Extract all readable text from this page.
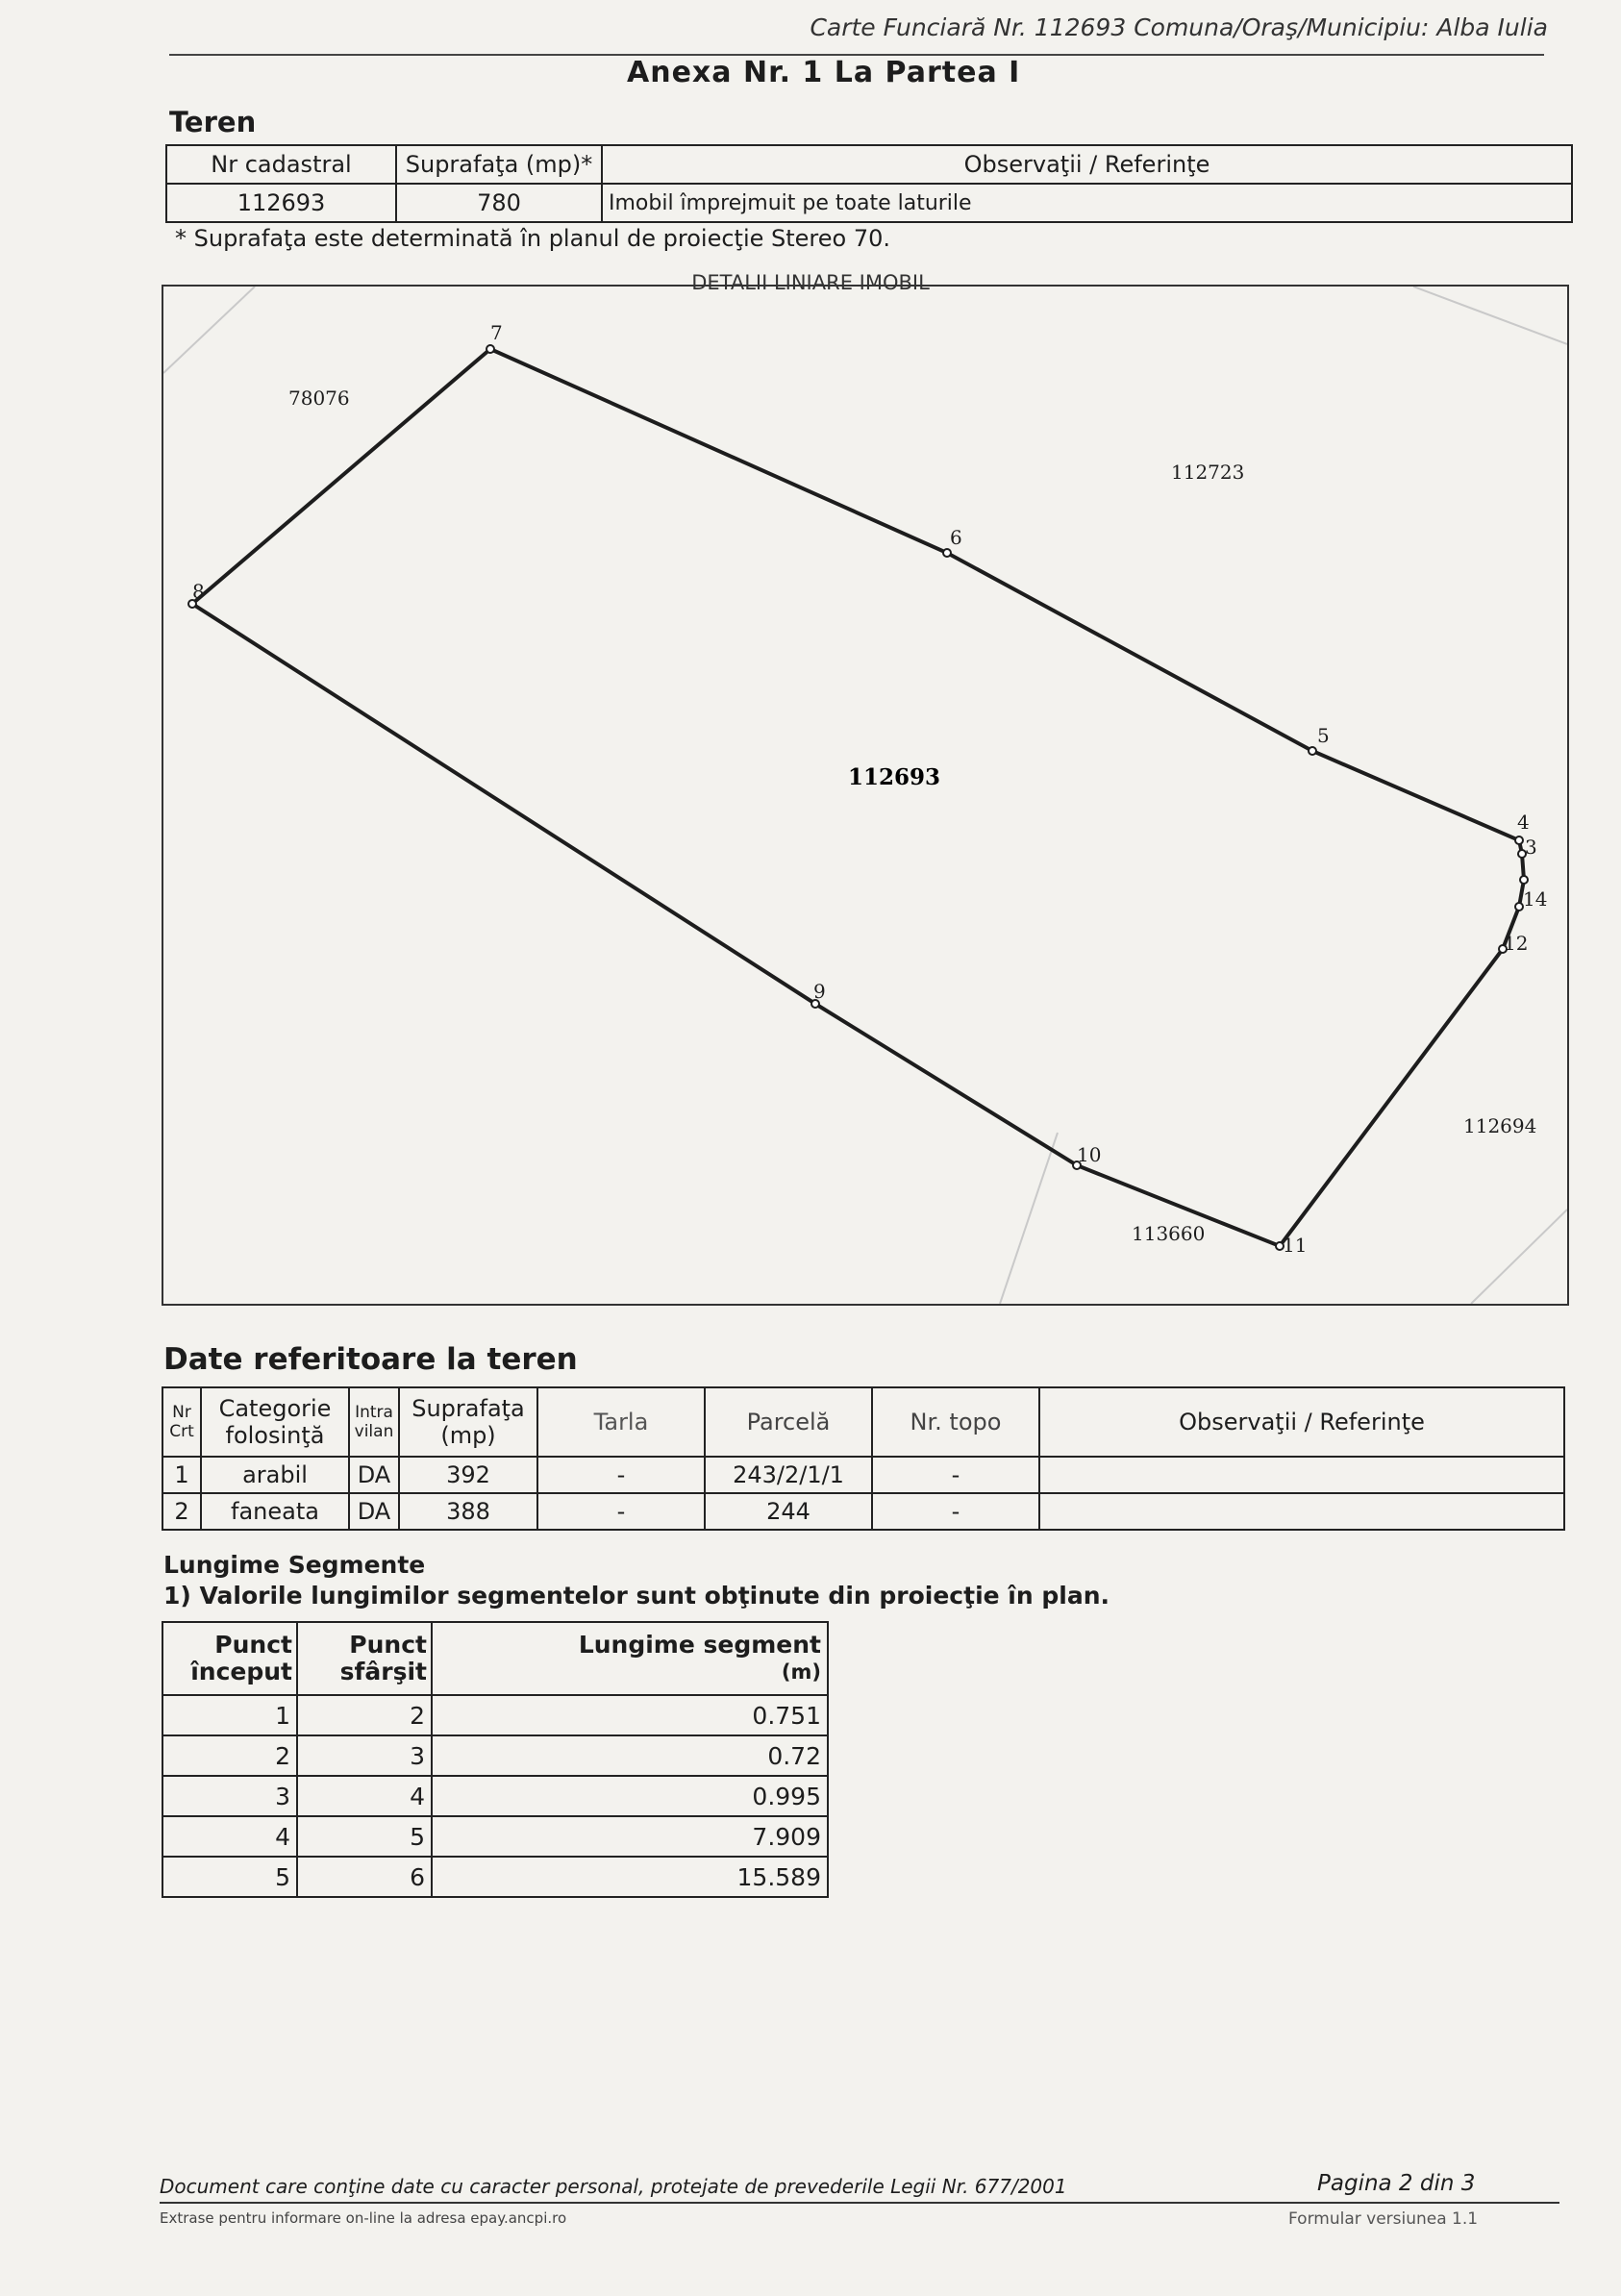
Carte Funciară Nr. 112693 Comuna/Oraş/Municipiu: Alba Iulia
Anexa Nr. 1 La Partea I
Teren
Nr cadastral	Suprafaţa (mp)*	Observaţii / Referinţe
112693	780	Imobil împrejmuit pe toate laturile
* Suprafaţa este determinată în planul de proiecţie Stereo 70.
DETALII LINIARE IMOBIL
7
8
6
5
4
3
14
12
11
10
9
112693
78076
112723
112694
113660
Date referitoare la teren
Nr Crt	Categorie folosinţă	Intra vilan	Suprafaţa (mp)	Tarla	Parcelă	Nr. topo	Observaţii / Referinţe
1	arabil	DA	392	-	243/2/1/1	-	
2	faneata	DA	388	-	244	-	
Lungime Segmente
1) Valorile lungimilor segmentelor sunt obţinute din proiecţie în plan.
Punct început	Punct sfârşit		Lungime segment
(m)

1	2		0.751
2	3		0.72
3	4		0.995
4	5		7.909
5	6		15.589
Document care conţine date cu caracter personal, protejate de prevederile Legii Nr. 677/2001	Pagina 2 din 3
Extrase pentru informare on-line la adresa epay.ancpi.ro	Formular versiunea 1.1
